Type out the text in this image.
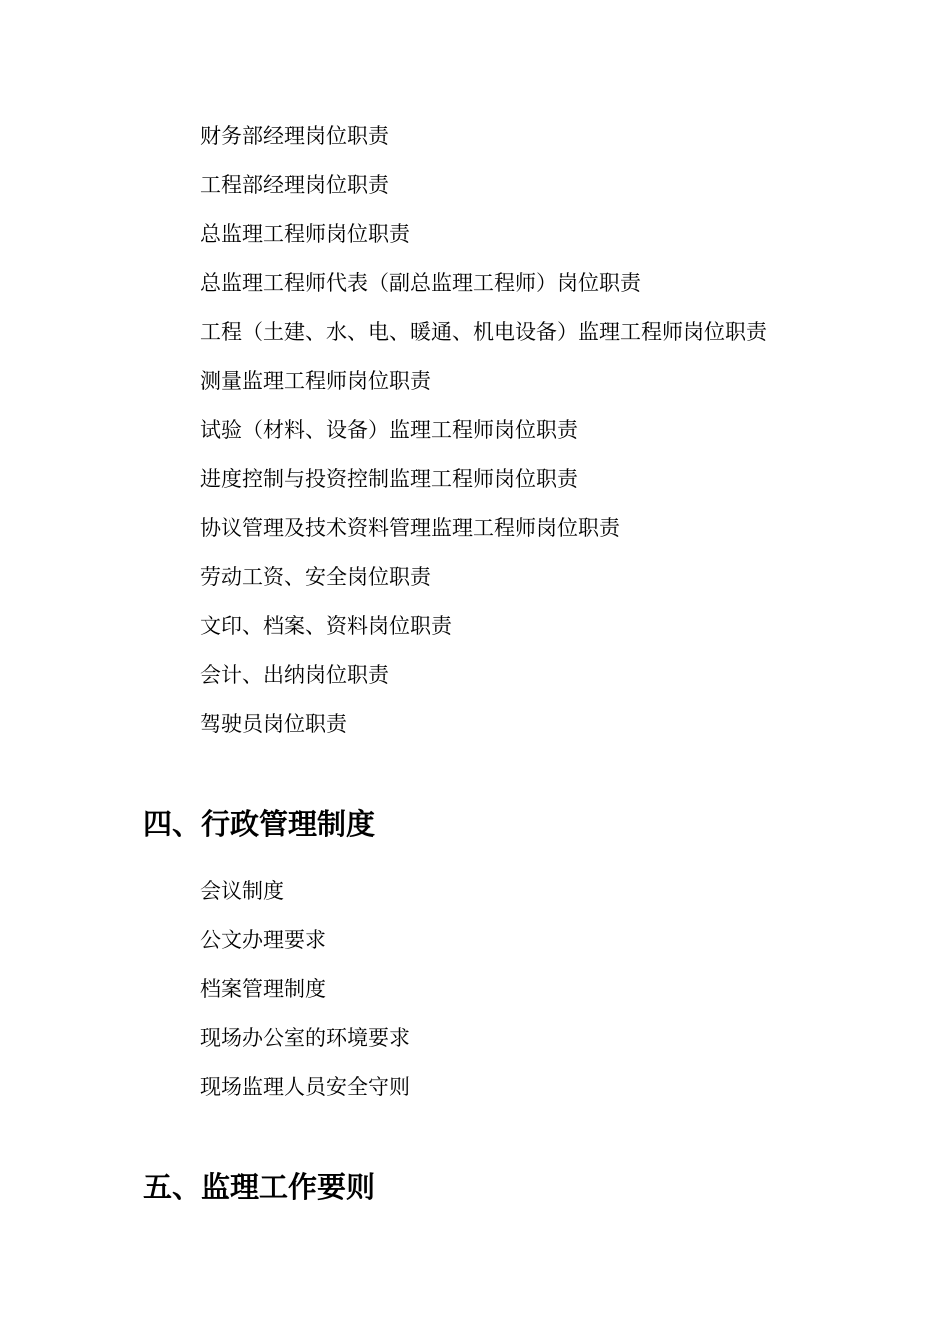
财务部经理岗位职责
工程部经理岗位职责
总监理工程师岗位职责
总监理工程师代表（副总监理工程师）岗位职责
工程（土建、水、电、暖通、机电设备）监理工程师岗位职责
测量监理工程师岗位职责
试验（材料、设备）监理工程师岗位职责
进度控制与投资控制监理工程师岗位职责
协议管理及技术资料管理监理工程师岗位职责
劳动工资、安全岗位职责
文印、档案、资料岗位职责
会计、出纳岗位职责
驾驶员岗位职责
四、行政管理制度
会议制度
公文办理要求
档案管理制度
现场办公室的环境要求
现场监理人员安全守则
五、监理工作要则
